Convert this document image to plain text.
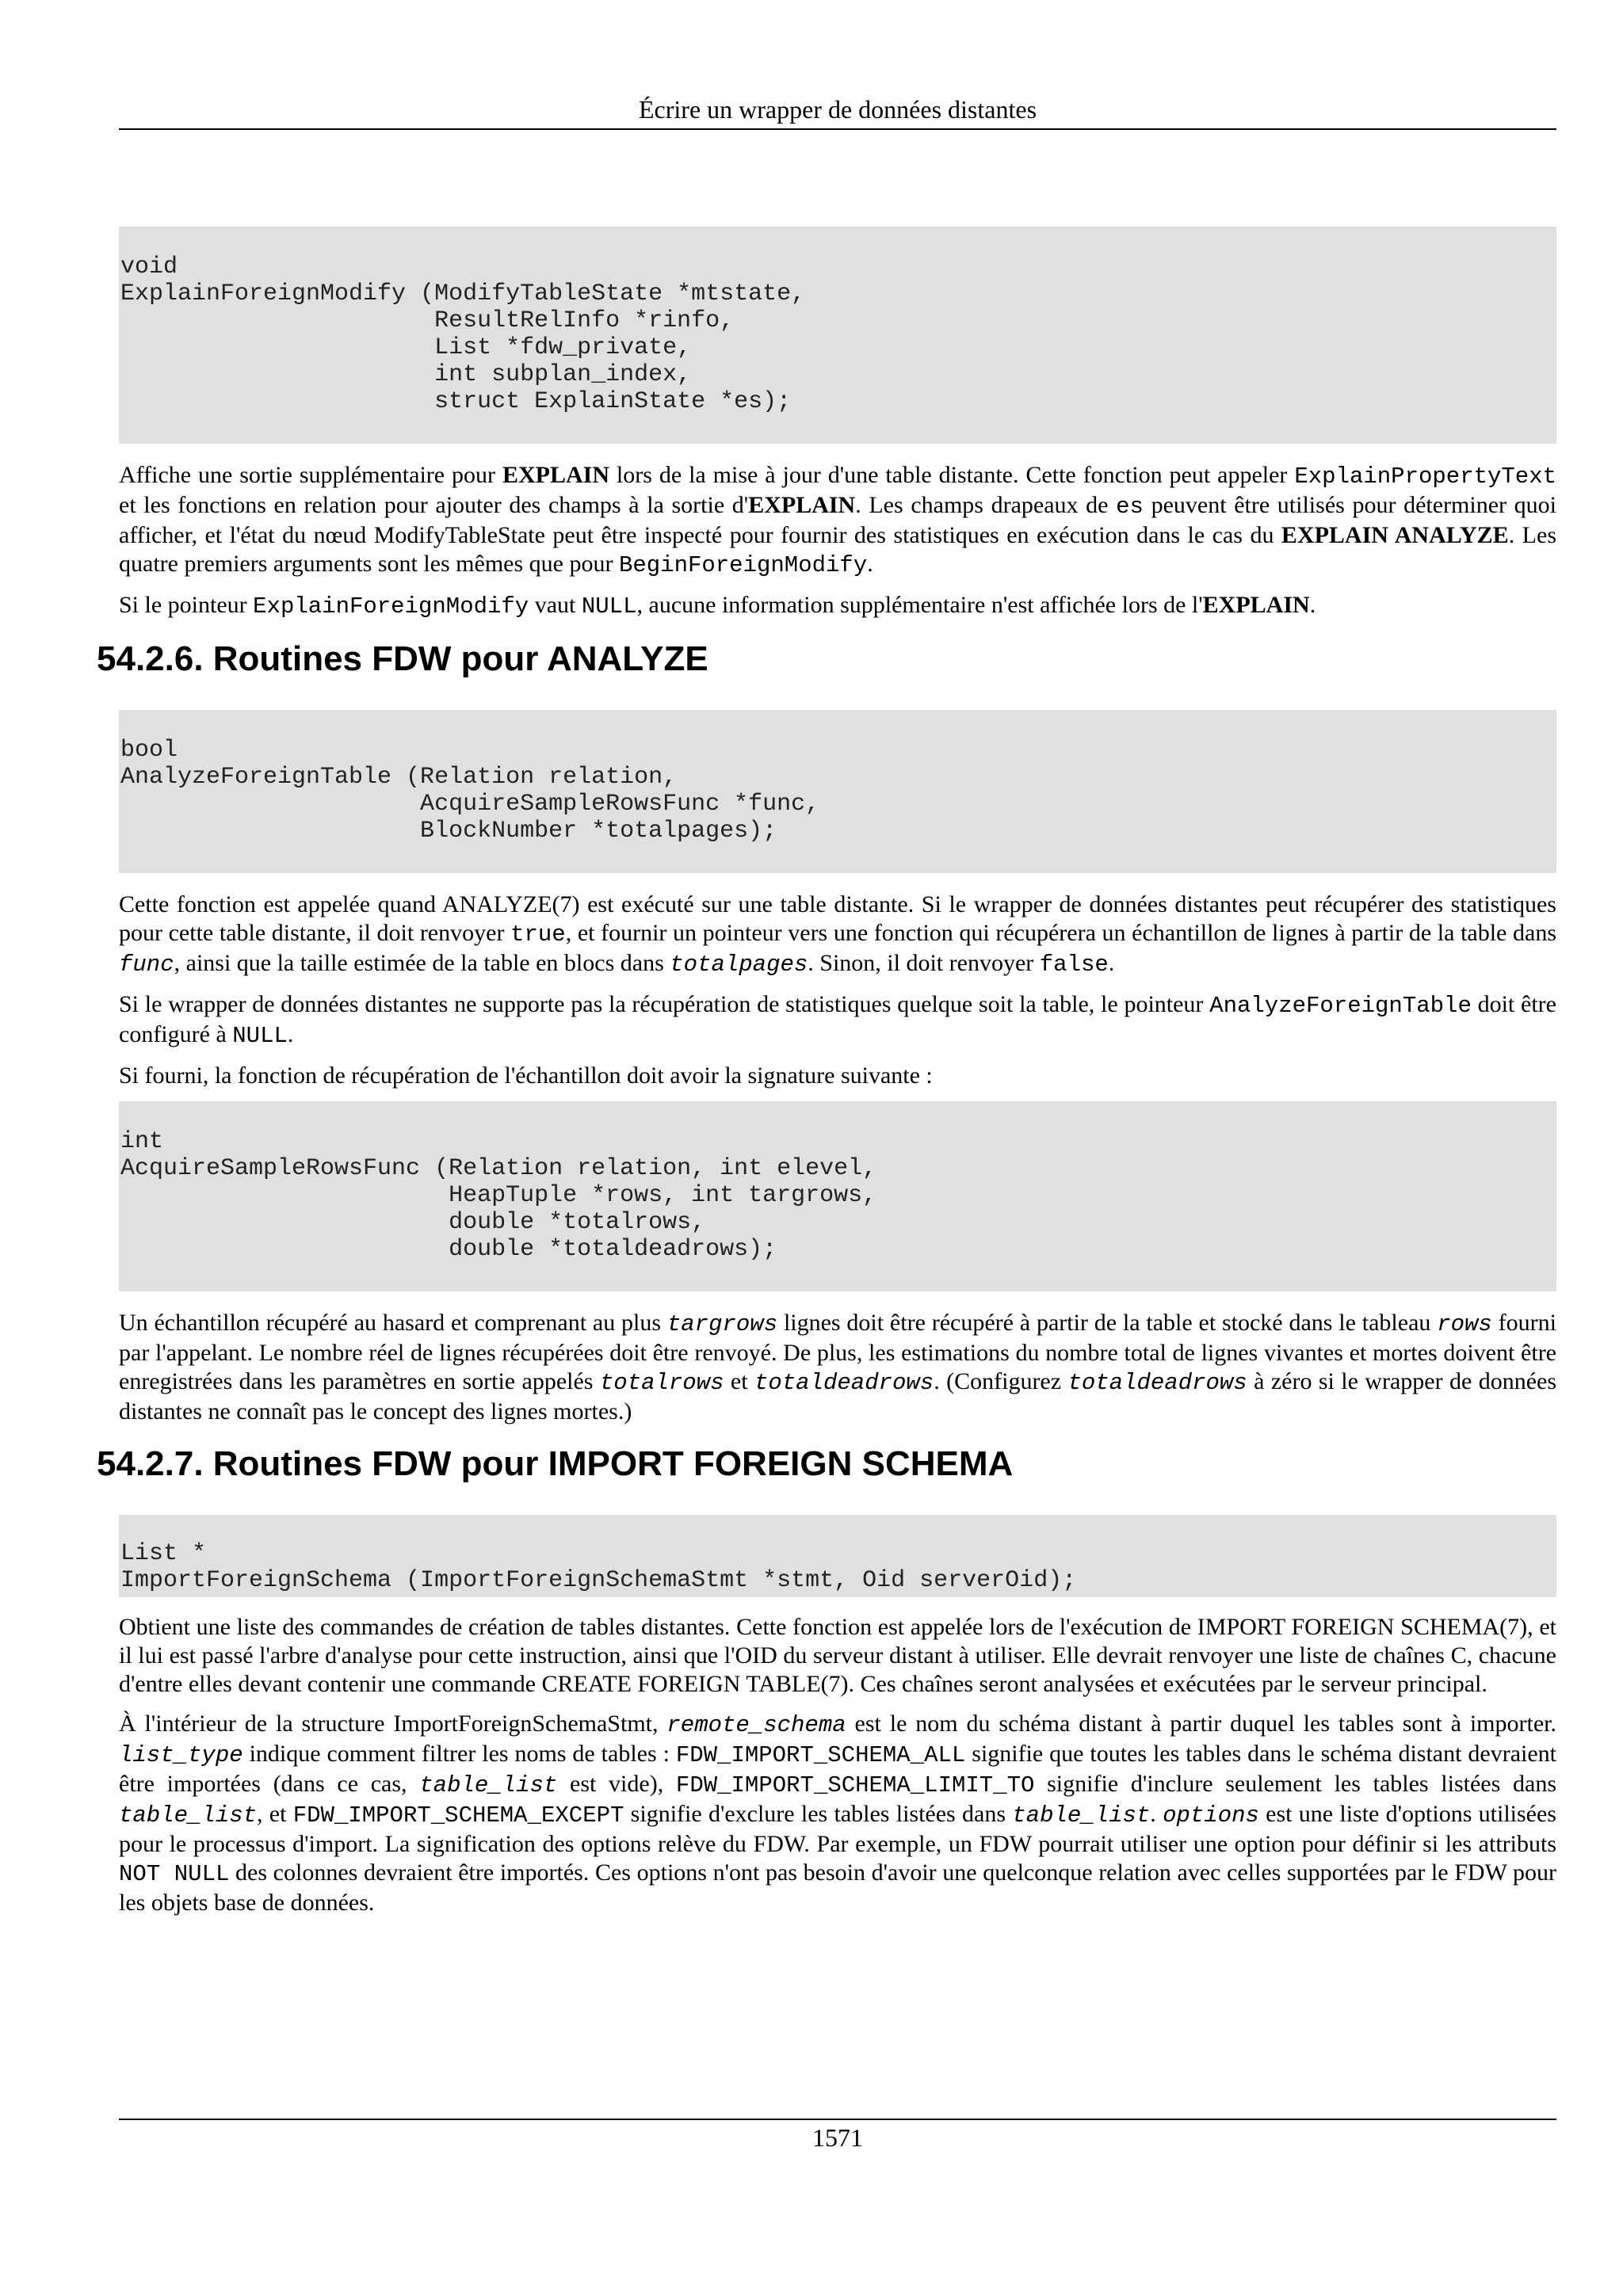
Écrire un wrapper de données distantes
void
ExplainForeignModify (ModifyTableState *mtstate,
ResultRelInfo *rinfo,
List *fdw_private,
int subplan_index,
struct ExplainState *es);

Affiche une sortie supplémentaire pour EXPLAIN lors de la mise à jour d'une table distante. Cette fonction peut appeler ExplainPropertyText et les fonctions en relation pour ajouter des champs à la sortie d'EXPLAIN. Les champs drapeaux de es peuvent être utilisés pour déterminer quoi afficher, et l'état du nœud ModifyTableState peut être inspecté pour fournir des statistiques en exécution dans le cas du EXPLAIN ANALYZE. Les quatre premiers arguments sont les mêmes que pour BeginForeignModify.

Si le pointeur ExplainForeignModify vaut NULL, aucune information supplémentaire n'est affichée lors de l'EXPLAIN.

54.2.6. Routines FDW pour ANALYZE
bool
AnalyzeForeignTable (Relation relation,
AcquireSampleRowsFunc *func,
BlockNumber *totalpages);

Cette fonction est appelée quand ANALYZE(7) est exécuté sur une table distante. Si le wrapper de données distantes peut récupérer des statistiques pour cette table distante, il doit renvoyer true, et fournir un pointeur vers une fonction qui récupérera un échantillon de lignes à partir de la table dans func, ainsi que la taille estimée de la table en blocs dans totalpages. Sinon, il doit renvoyer false.

Si le wrapper de données distantes ne supporte pas la récupération de statistiques quelque soit la table, le pointeur AnalyzeForeignTable doit être configuré à NULL.

Si fourni, la fonction de récupération de l'échantillon doit avoir la signature suivante :

int
AcquireSampleRowsFunc (Relation relation, int elevel,
HeapTuple *rows, int targrows,
double *totalrows,
double *totaldeadrows);

Un échantillon récupéré au hasard et comprenant au plus targrows lignes doit être récupéré à partir de la table et stocké dans le tableau rows fourni par l'appelant. Le nombre réel de lignes récupérées doit être renvoyé. De plus, les estimations du nombre total de lignes vivantes et mortes doivent être enregistrées dans les paramètres en sortie appelés totalrows et totaldeadrows. (Configurez totaldeadrows à zéro si le wrapper de données distantes ne connaît pas le concept des lignes mortes.)

54.2.7. Routines FDW pour IMPORT FOREIGN SCHEMA
List *
ImportForeignSchema (ImportForeignSchemaStmt *stmt, Oid serverOid);

Obtient une liste des commandes de création de tables distantes. Cette fonction est appelée lors de l'exécution de IMPORT FOREIGN SCHEMA(7), et il lui est passé l'arbre d'analyse pour cette instruction, ainsi que l'OID du serveur distant à utiliser. Elle devrait renvoyer une liste de chaînes C, chacune d'entre elles devant contenir une commande CREATE FOREIGN TABLE(7). Ces chaînes seront analysées et exécutées par le serveur principal.

À l'intérieur de la structure ImportForeignSchemaStmt, remote_schema est le nom du schéma distant à partir duquel les tables sont à importer. list_type indique comment filtrer les noms de tables : FDW_IMPORT_SCHEMA_ALL signifie que toutes les tables dans le schéma distant devraient être importées (dans ce cas, table_list est vide), FDW_IMPORT_SCHEMA_LIMIT_TO signifie d'inclure seulement les tables listées dans table_list, et FDW_IMPORT_SCHEMA_EXCEPT signifie d'exclure les tables listées dans table_list. options est une liste d'options utilisées pour le processus d'import. La signification des options relève du FDW. Par exemple, un FDW pourrait utiliser une option pour définir si les attributs NOT NULL des colonnes devraient être importés. Ces options n'ont pas besoin d'avoir une quelconque relation avec celles supportées par le FDW pour les objets base de données.

1571
